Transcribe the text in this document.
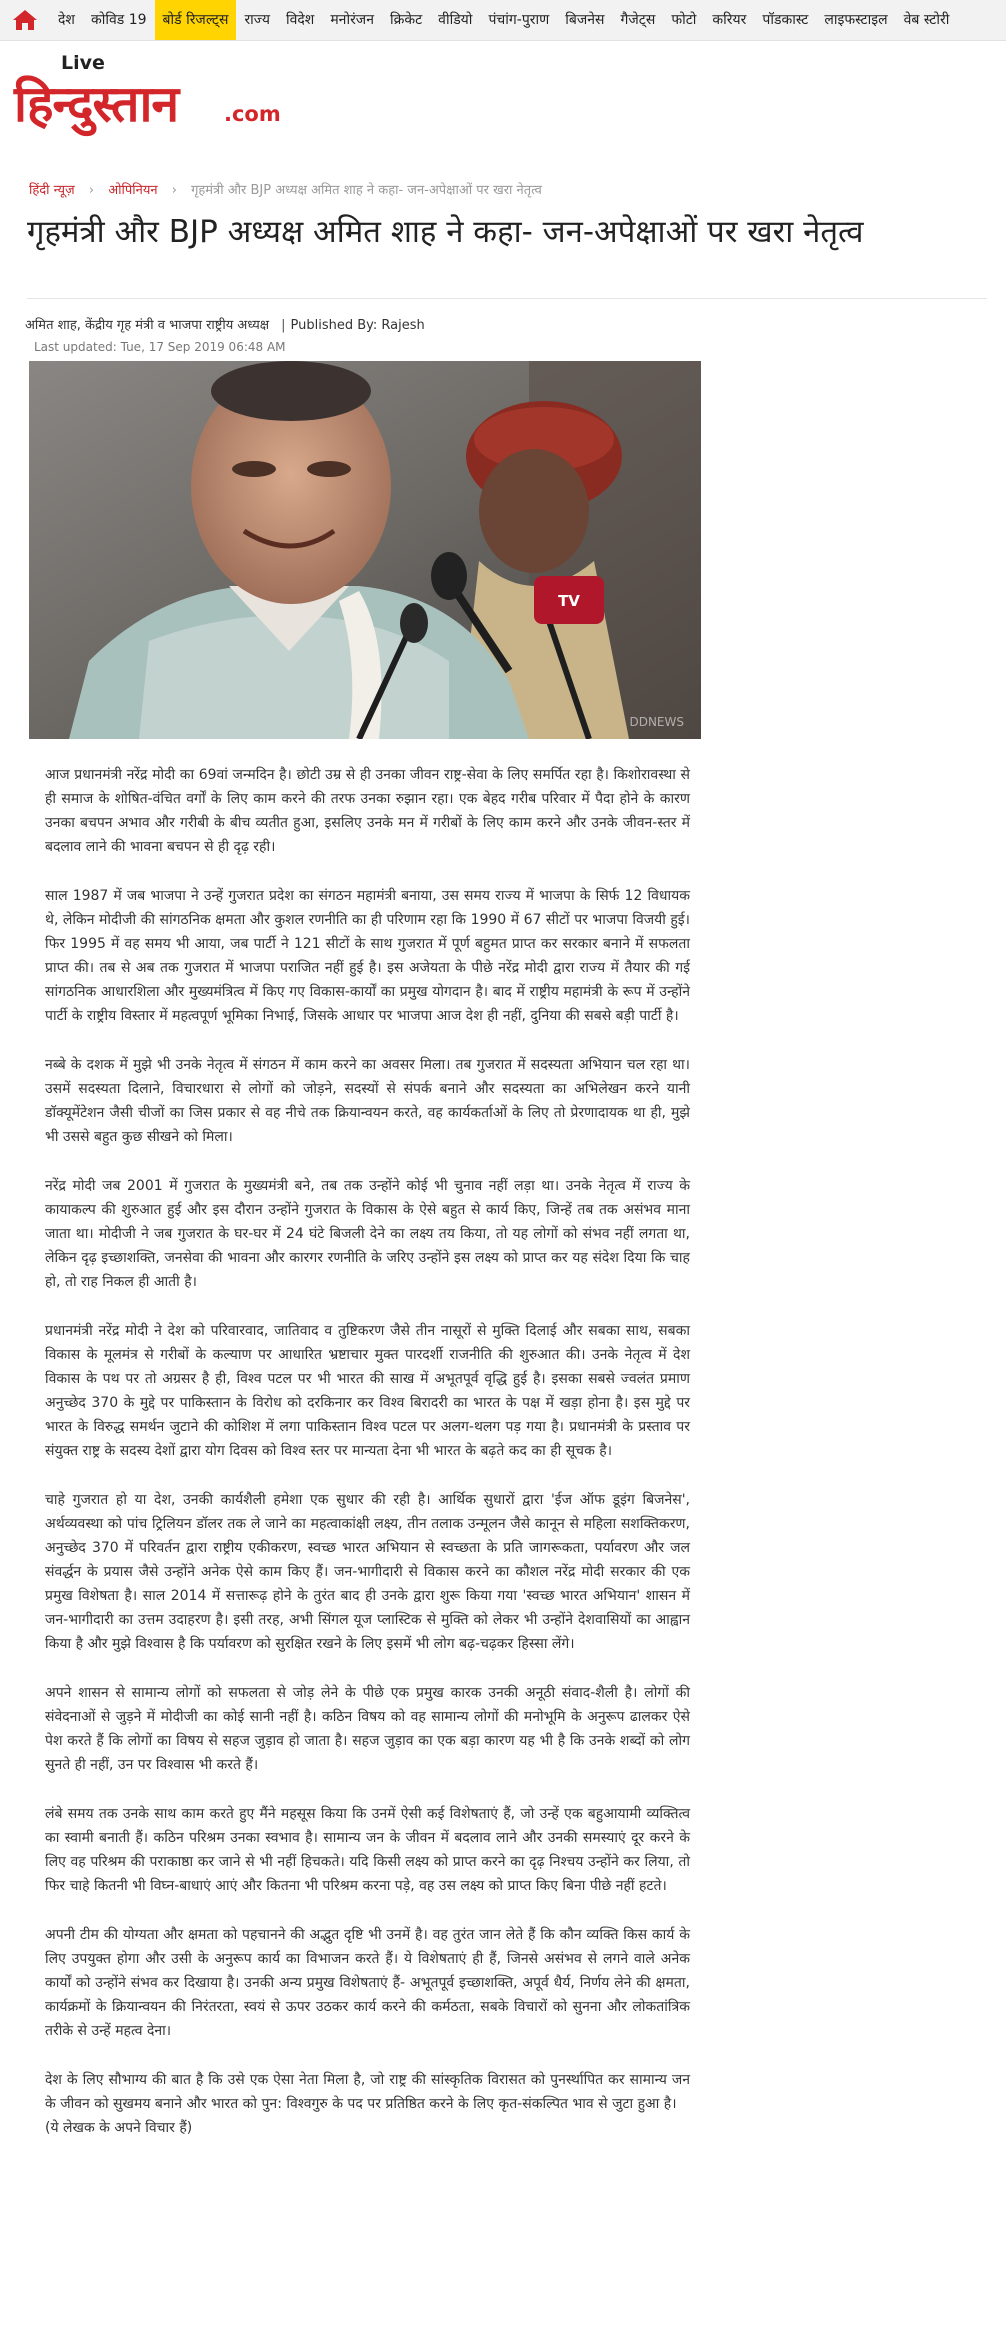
देश	कोविड 19	बोर्ड रिजल्ट्स	राज्य	विदेश	मनोरंजन	क्रिकेट	वीडियो	पंचांग-पुराण	बिजनेस	गैजेट्स	फोटो	करियर	पॉडकास्ट	लाइफस्टाइल	वेब स्टोरी
Live
हिन्दुस्तान .com
हिंदी न्यूज़ › ओपिनियन › गृहमंत्री और BJP अध्यक्ष अमित शाह ने कहा- जन-अपेक्षाओं पर खरा नेतृत्व
गृहमंत्री और BJP अध्यक्ष अमित शाह ने कहा- जन-अपेक्षाओं पर खरा नेतृत्व
अमित शाह, केंद्रीय गृह मंत्री व भाजपा राष्ट्रीय अध्यक्ष | Published By: Rajesh
Last updated: Tue, 17 Sep 2019 06:48 AM
TV
DDNEWS

आज प्रधानमंत्री नरेंद्र मोदी का 69वां जन्मदिन है। छोटी उम्र से ही उनका जीवन राष्ट्र-सेवा के लिए समर्पित रहा है। किशोरावस्था से ही समाज के शोषित-वंचित वर्गों के लिए काम करने की तरफ उनका रुझान रहा। एक बेहद गरीब परिवार में पैदा होने के कारण उनका बचपन अभाव और गरीबी के बीच व्यतीत हुआ, इसलिए उनके मन में गरीबों के लिए काम करने और उनके जीवन-स्तर में बदलाव लाने की भावना बचपन से ही दृढ़ रही।

साल 1987 में जब भाजपा ने उन्हें गुजरात प्रदेश का संगठन महामंत्री बनाया, उस समय राज्य में भाजपा के सिर्फ 12 विधायक थे, लेकिन मोदीजी की सांगठनिक क्षमता और कुशल रणनीति का ही परिणाम रहा कि 1990 में 67 सीटों पर भाजपा विजयी हुई। फिर 1995 में वह समय भी आया, जब पार्टी ने 121 सीटों के साथ गुजरात में पूर्ण बहुमत प्राप्त कर सरकार बनाने में सफलता प्राप्त की। तब से अब तक गुजरात में भाजपा पराजित नहीं हुई है। इस अजेयता के पीछे नरेंद्र मोदी द्वारा राज्य में तैयार की गई सांगठनिक आधारशिला और मुख्यमंत्रित्व में किए गए विकास-कार्यों का प्रमुख योगदान है। बाद में राष्ट्रीय महामंत्री के रूप में उन्होंने पार्टी के राष्ट्रीय विस्तार में महत्वपूर्ण भूमिका निभाई, जिसके आधार पर भाजपा आज देश ही नहीं, दुनिया की सबसे बड़ी पार्टी है।

नब्बे के दशक में मुझे भी उनके नेतृत्व में संगठन में काम करने का अवसर मिला। तब गुजरात में सदस्यता अभियान चल रहा था। उसमें सदस्यता दिलाने, विचारधारा से लोगों को जोड़ने, सदस्यों से संपर्क बनाने और सदस्यता का अभिलेखन करने यानी डॉक्यूमेंटेशन जैसी चीजों का जिस प्रकार से वह नीचे तक क्रियान्वयन करते, वह कार्यकर्ताओं के लिए तो प्रेरणादायक था ही, मुझे भी उससे बहुत कुछ सीखने को मिला।

नरेंद्र मोदी जब 2001 में गुजरात के मुख्यमंत्री बने, तब तक उन्होंने कोई भी चुनाव नहीं लड़ा था। उनके नेतृत्व में राज्य के कायाकल्प की शुरुआत हुई और इस दौरान उन्होंने गुजरात के विकास के ऐसे बहुत से कार्य किए, जिन्हें तब तक असंभव माना जाता था। मोदीजी ने जब गुजरात के घर-घर में 24 घंटे बिजली देने का लक्ष्य तय किया, तो यह लोगों को संभव नहीं लगता था, लेकिन दृढ़ इच्छाशक्ति, जनसेवा की भावना और कारगर रणनीति के जरिए उन्होंने इस लक्ष्य को प्राप्त कर यह संदेश दिया कि चाह हो, तो राह निकल ही आती है।

प्रधानमंत्री नरेंद्र मोदी ने देश को परिवारवाद, जातिवाद व तुष्टिकरण जैसे तीन नासूरों से मुक्ति दिलाई और सबका साथ, सबका विकास के मूलमंत्र से गरीबों के कल्याण पर आधारित भ्रष्टाचार मुक्त पारदर्शी राजनीति की शुरुआत की। उनके नेतृत्व में देश विकास के पथ पर तो अग्रसर है ही, विश्व पटल पर भी भारत की साख में अभूतपूर्व वृद्धि हुई है। इसका सबसे ज्वलंत प्रमाण अनुच्छेद 370 के मुद्दे पर पाकिस्तान के विरोध को दरकिनार कर विश्व बिरादरी का भारत के पक्ष में खड़ा होना है। इस मुद्दे पर भारत के विरुद्ध समर्थन जुटाने की कोशिश में लगा पाकिस्तान विश्व पटल पर अलग-थलग पड़ गया है। प्रधानमंत्री के प्रस्ताव पर संयुक्त राष्ट्र के सदस्य देशों द्वारा योग दिवस को विश्व स्तर पर मान्यता देना भी भारत के बढ़ते कद का ही सूचक है।

चाहे गुजरात हो या देश, उनकी कार्यशैली हमेशा एक सुधार की रही है। आर्थिक सुधारों द्वारा 'ईज ऑफ डूइंग बिजनेस', अर्थव्यवस्था को पांच ट्रिलियन डॉलर तक ले जाने का महत्वाकांक्षी लक्ष्य, तीन तलाक उन्मूलन जैसे कानून से महिला सशक्तिकरण, अनुच्छेद 370 में परिवर्तन द्वारा राष्ट्रीय एकीकरण, स्वच्छ भारत अभियान से स्वच्छता के प्रति जागरूकता, पर्यावरण और जल संवर्द्धन के प्रयास जैसे उन्होंने अनेक ऐसे काम किए हैं। जन-भागीदारी से विकास करने का कौशल नरेंद्र मोदी सरकार की एक प्रमुख विशेषता है। साल 2014 में सत्तारूढ़ होने के तुरंत बाद ही उनके द्वारा शुरू किया गया 'स्वच्छ भारत अभियान' शासन में जन-भागीदारी का उत्तम उदाहरण है। इसी तरह, अभी सिंगल यूज प्लास्टिक से मुक्ति को लेकर भी उन्होंने देशवासियों का आह्वान किया है और मुझे विश्वास है कि पर्यावरण को सुरक्षित रखने के लिए इसमें भी लोग बढ़-चढ़कर हिस्सा लेंगे।

अपने शासन से सामान्य लोगों को सफलता से जोड़ लेने के पीछे एक प्रमुख कारक उनकी अनूठी संवाद-शैली है। लोगों की संवेदनाओं से जुड़ने में मोदीजी का कोई सानी नहीं है। कठिन विषय को वह सामान्य लोगों की मनोभूमि के अनुरूप ढालकर ऐसे पेश करते हैं कि लोगों का विषय से सहज जुड़ाव हो जाता है। सहज जुड़ाव का एक बड़ा कारण यह भी है कि उनके शब्दों को लोग सुनते ही नहीं, उन पर विश्वास भी करते हैं।

लंबे समय तक उनके साथ काम करते हुए मैंने महसूस किया कि उनमें ऐसी कई विशेषताएं हैं, जो उन्हें एक बहुआयामी व्यक्तित्व का स्वामी बनाती हैं। कठिन परिश्रम उनका स्वभाव है। सामान्य जन के जीवन में बदलाव लाने और उनकी समस्याएं दूर करने के लिए वह परिश्रम की पराकाष्ठा कर जाने से भी नहीं हिचकते। यदि किसी लक्ष्य को प्राप्त करने का दृढ़ निश्चय उन्होंने कर लिया, तो फिर चाहे कितनी भी विघ्न-बाधाएं आएं और कितना भी परिश्रम करना पड़े, वह उस लक्ष्य को प्राप्त किए बिना पीछे नहीं हटते।

अपनी टीम की योग्यता और क्षमता को पहचानने की अद्भुत दृष्टि भी उनमें है। वह तुरंत जान लेते हैं कि कौन व्यक्ति किस कार्य के लिए उपयुक्त होगा और उसी के अनुरूप कार्य का विभाजन करते हैं। ये विशेषताएं ही हैं, जिनसे असंभव से लगने वाले अनेक कार्यों को उन्होंने संभव कर दिखाया है। उनकी अन्य प्रमुख विशेषताएं हैं- अभूतपूर्व इच्छाशक्ति, अपूर्व धैर्य, निर्णय लेने की क्षमता, कार्यक्रमों के क्रियान्वयन की निरंतरता, स्वयं से ऊपर उठकर कार्य करने की कर्मठता, सबके विचारों को सुनना और लोकतांत्रिक तरीके से उन्हें महत्व देना।

देश के लिए सौभाग्य की बात है कि उसे एक ऐसा नेता मिला है, जो राष्ट्र की सांस्कृतिक विरासत को पुनर्स्थापित कर सामान्य जन के जीवन को सुखमय बनाने और भारत को पुन: विश्वगुरु के पद पर प्रतिष्ठित करने के लिए कृत-संकल्पित भाव से जुटा हुआ है।
(ये लेखक के अपने विचार हैं)
